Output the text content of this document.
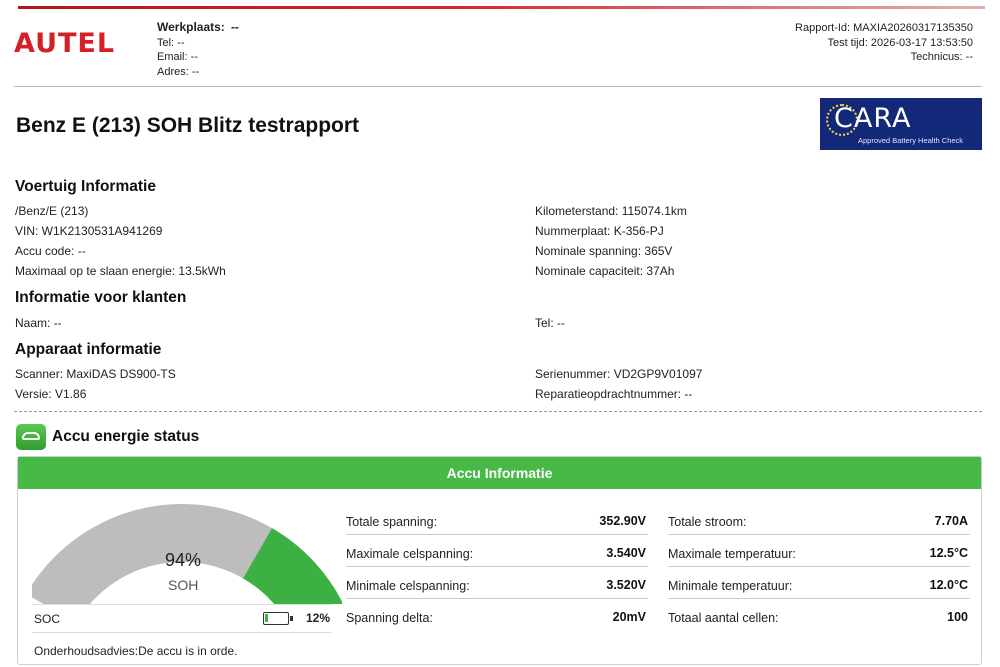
AUTEL
Werkplaats: --
Tel: --
Email: --
Adres: --
Rapport-Id: MAXIA20260317135350
Test tijd: 2026-03-17 13:53:50
Technicus: --
Benz E (213) SOH Blitz testrapport	CARA
Approved Battery Health Check
Voertuig Informatie
/Benz/E (213)
VIN: W1K2130531A941269
Accu code: --
Maximaal op te slaan energie: 13.5kWh
Kilometerstand: 115074.1km
Nummerplaat: K-356-PJ
Nominale spanning: 365V
Nominale capaciteit: 37Ah
Informatie voor klanten
Naam: --	Tel: --
Apparaat informatie
Scanner: MaxiDAS DS900-TS
Versie: V1.86
Serienummer: VD2GP9V01097
Reparatieopdrachtnummer: --
Accu energie status
Accu Informatie
94%
SOH
SOC	12%
Onderhoudsadvies:De accu is in orde.
Totale spanning:	352.90V
Maximale celspanning:	3.540V
Minimale celspanning:	3.520V
Spanning delta:	20mV
Totale stroom:	7.70A
Maximale temperatuur:	12.5°C
Minimale temperatuur:	12.0°C
Totaal aantal cellen:	100
